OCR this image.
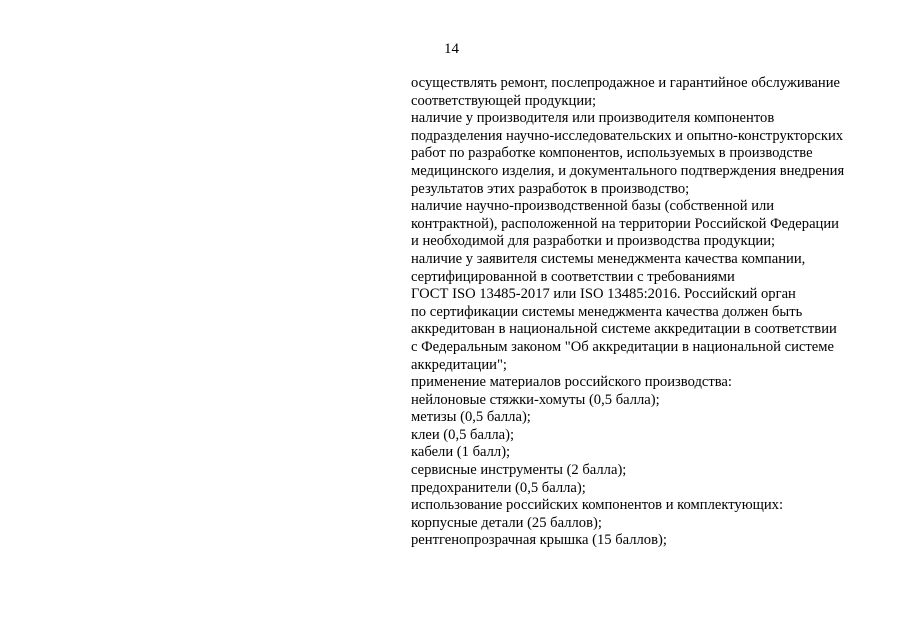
14
осуществлять ремонт, послепродажное и гарантийное обслуживание
соответствующей продукции;
наличие у производителя или производителя компонентов
подразделения научно-исследовательских и опытно-конструкторских
работ по разработке компонентов, используемых в производстве
медицинского изделия, и документального подтверждения внедрения
результатов этих разработок в производство;
наличие научно-производственной базы (собственной или
контрактной), расположенной на территории Российской Федерации
и необходимой для разработки и производства продукции;
наличие у заявителя системы менеджмента качества компании,
сертифицированной в соответствии с требованиями
ГОСТ ISO 13485-2017 или ISO 13485:2016. Российский орган
по сертификации системы менеджмента качества должен быть
аккредитован в национальной системе аккредитации в соответствии
с Федеральным законом "Об аккредитации в национальной системе
аккредитации";
применение материалов российского производства:
нейлоновые стяжки-хомуты (0,5 балла);
метизы (0,5 балла);
клеи (0,5 балла);
кабели (1 балл);
сервисные инструменты (2 балла);
предохранители (0,5 балла);
использование российских компонентов и комплектующих:
корпусные детали (25 баллов);
рентгенопрозрачная крышка (15 баллов);
